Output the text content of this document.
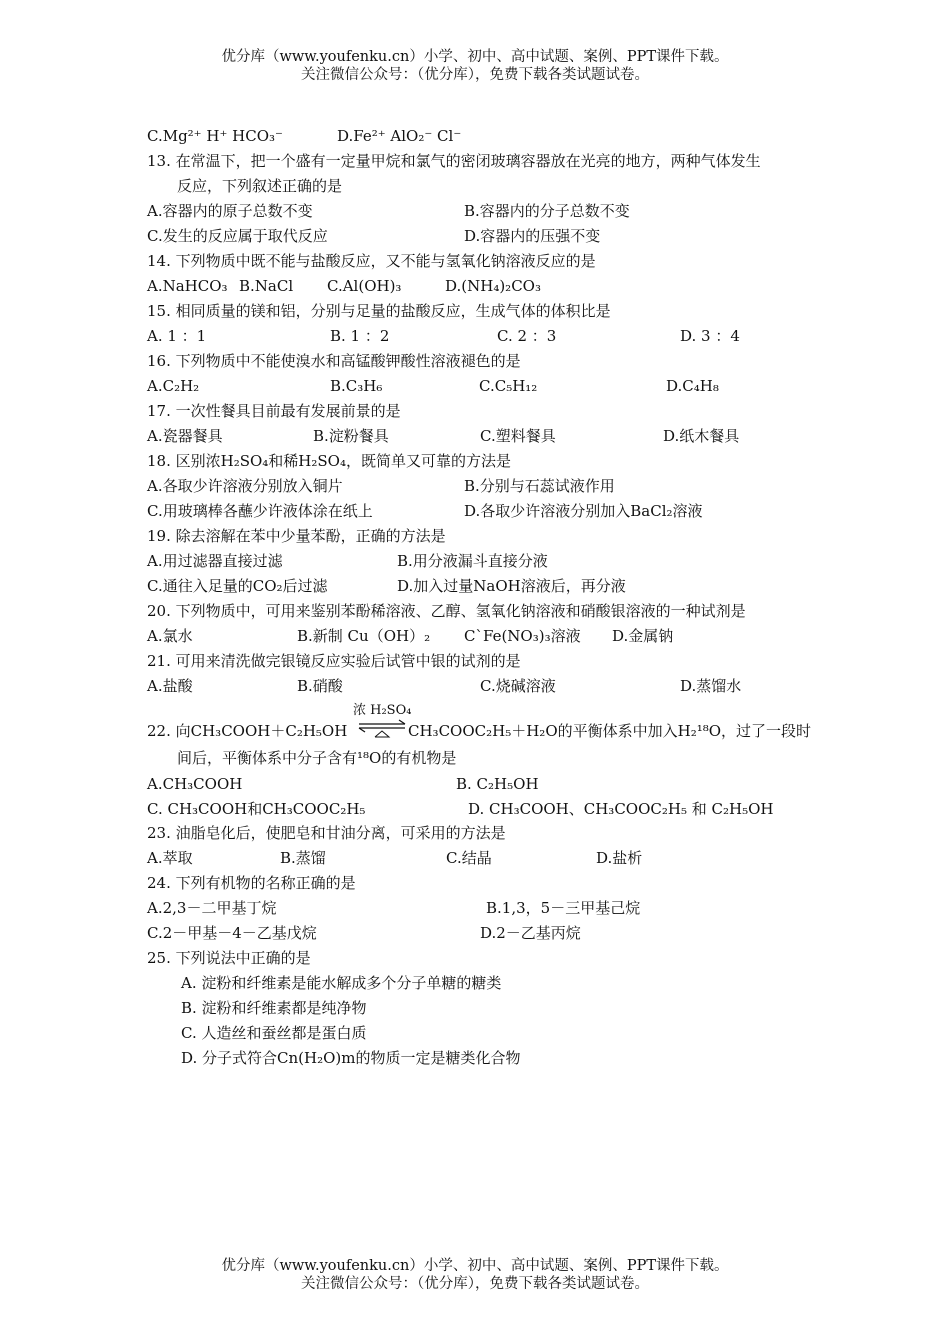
优分库（www.youfenku.cn）小学、初中、高中试题、案例、PPT课件下载。
关注微信公众号：（优分库），免费下载各类试题试卷。
C.Mg²⁺ H⁺ HCO₃⁻	D.Fe²⁺ AlO₂⁻ Cl⁻
13. 在常温下，把一个盛有一定量甲烷和氯气的密闭玻璃容器放在光亮的地方，两种气体发生
反应，下列叙述正确的是
A.容器内的原子总数不变	B.容器内的分子总数不变
C.发生的反应属于取代反应	D.容器内的压强不变
14. 下列物质中既不能与盐酸反应，又不能与氢氧化钠溶液反应的是
A.NaHCO₃ B.NaCl C.Al(OH)₃	D.(NH₄)₂CO₃
15. 相同质量的镁和铝，分别与足量的盐酸反应，生成气体的体积比是
A. 1 ：1	B. 1 ：2	C. 2 ：3	D. 3 ：4
16. 下列物质中不能使溴水和高锰酸钾酸性溶液褪色的是
A.C₂H₂	B.C₃H₆	C.C₅H₁₂	D.C₄H₈
17. 一次性餐具目前最有发展前景的是
A.瓷器餐具	B.淀粉餐具	C.塑料餐具	D.纸木餐具
18. 区别浓H₂SO₄和稀H₂SO₄，既简单又可靠的方法是
A.各取少许溶液分别放入铜片	B.分别与石蕊试液作用
C.用玻璃棒各蘸少许液体涂在纸上	D.各取少许溶液分别加入BaCl₂溶液
19. 除去溶解在苯中少量苯酚，正确的方法是
A.用过滤器直接过滤	B.用分液漏斗直接分液
C.通往入足量的CO₂后过滤	D.加入过量NaOH溶液后，再分液
20. 下列物质中，可用来鉴别苯酚稀溶液、乙醇、氢氧化钠溶液和硝酸银溶液的一种试剂是
A.氯水	B.新制 Cu（OH）₂ C`Fe(NO₃)₃溶液 D.金属钠
21. 可用来清洗做完银镜反应实验后试管中银的试剂的是
A.盐酸	B.硝酸	C.烧碱溶液	D.蒸馏水
22. 向CH₃COOH＋C₂H₅OH
浓 H₂SO₄
CH₃COOC₂H₅＋H₂O的平衡体系中加入H₂¹⁸O，过了一段时
间后，平衡体系中分子含有¹⁸O的有机物是
A.CH₃COOH	B. C₂H₅OH
C. CH₃COOH和CH₃COOC₂H₅	D. CH₃COOH、CH₃COOC₂H₅ 和 C₂H₅OH
23. 油脂皂化后，使肥皂和甘油分离，可采用的方法是
A.萃取	B.蒸馏	C.结晶	D.盐析
24. 下列有机物的名称正确的是
A.2,3－二甲基丁烷	B.1,3，5－三甲基己烷
C.2－甲基－4－乙基戊烷	D.2－乙基丙烷
25. 下列说法中正确的是
A. 淀粉和纤维素是能水解成多个分子单糖的糖类
B. 淀粉和纤维素都是纯净物
C. 人造丝和蚕丝都是蛋白质
D. 分子式符合Cn(H₂O)m的物质一定是糖类化合物
优分库（www.youfenku.cn）小学、初中、高中试题、案例、PPT课件下载。
关注微信公众号：（优分库），免费下载各类试题试卷。
